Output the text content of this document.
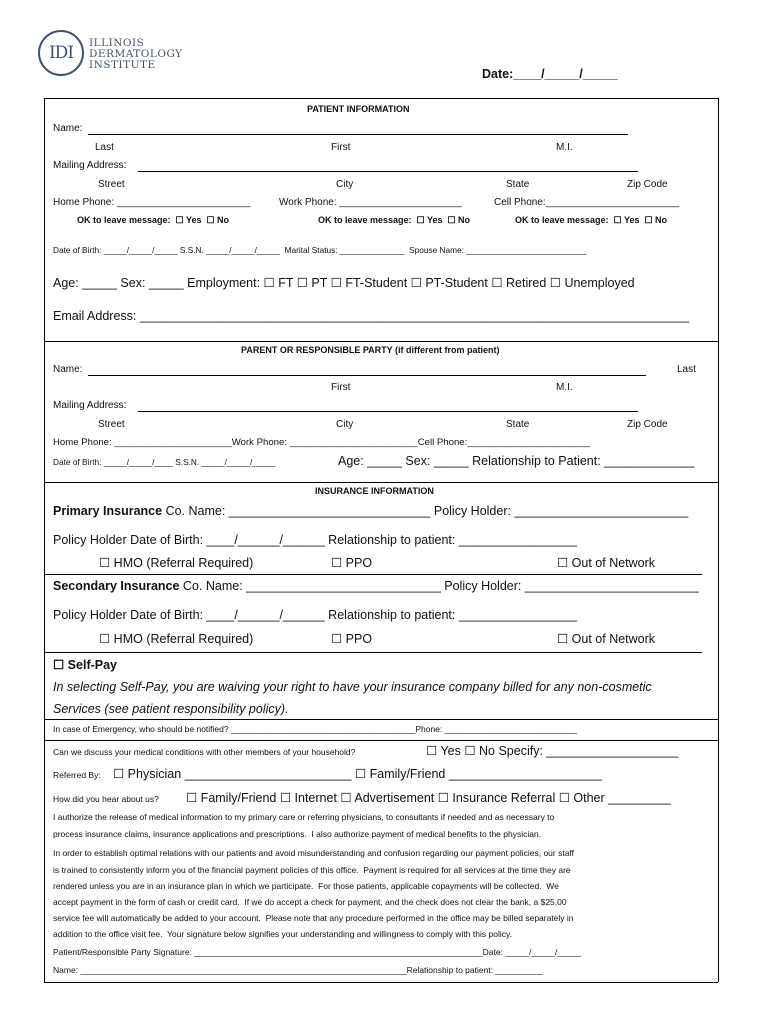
IDI	ILLINOIS
DERMATOLOGY
INSTITUTE
Date:____/_____/_____
PATIENT INFORMATION
Name:
Last	First	M.I.
Mailing Address:
Street	City	State	Zip Code
Home Phone: ________________________	Work Phone: ______________________	Cell Phone:________________________
OK to leave message:  ☐ Yes  ☐ No	OK to leave message:  ☐ Yes  ☐ No	OK to leave message:  ☐ Yes  ☐ No
Date of Birth: _____/_____/_____ S.S.N. _____/_____/_____  Marital Status: ______________  Spouse Name: __________________________
Age: _____ Sex: _____ Employment: ☐ FT ☐ PT ☐ FT-Student ☐ PT-Student ☐ Retired ☐ Unemployed
Email Address: _______________________________________________________________________________
PARENT OR RESPONSIBLE PARTY (if different from patient)
Name:	Last
First	M.I.
Mailing Address:
Street	City	State	Zip Code
Home Phone: ______________________Work Phone: ________________________Cell Phone:_______________________
Date of Birth: _____/_____/____ S.S.N. _____/_____/_____	Age: _____ Sex: _____ Relationship to Patient: _____________
INSURANCE INFORMATION
Primary Insurance Co. Name: _____________________________ Policy Holder: _________________________
Policy Holder Date of Birth: ____/______/______ Relationship to patient: _________________
☐ HMO (Referral Required)	☐ PPO	☐ Out of Network
Secondary Insurance Co. Name: ____________________________ Policy Holder: _________________________
Policy Holder Date of Birth: ____/______/______ Relationship to patient: _________________
☐ HMO (Referral Required)	☐ PPO	☐ Out of Network
☐ Self-Pay
In selecting Self-Pay, you are waiving your right to have your insurance company billed for any non-cosmetic
Services (see patient responsibility policy).
In case of Emergency, who should be notified? _______________________________________Phone: ____________________________
Can we discuss your medical conditions with other members of your household?	☐ Yes ☐ No Specify: ___________________
Referred By: ☐ Physician ________________________ ☐ Family/Friend ______________________
How did you hear about us? ☐ Family/Friend ☐ Internet ☐ Advertisement ☐ Insurance Referral ☐ Other _________
I authorize the release of medical information to my primary care or referring physicians, to consultants if needed and as necessary to
process insurance claims, insurance applications and prescriptions.  I also authorize payment of medical benefits to the physician.
In order to establish optimal relations with our patients and avoid misunderstanding and confusion regarding our payment policies, our staff
is trained to consistently inform you of the financial payment policies of this office.  Payment is required for all services at the time they are
rendered unless you are in an insurance plan in which we participate.  For those patients, applicable copayments will be collected.  We
accept payment in the form of cash or credit card.  If we do accept a check for payment, and the check does not clear the bank, a $25.00
service fee will automatically be added to your account.  Please note that any procedure performed in the office may be billed separately in
addition to the office visit fee.  Your signature below signifies your understanding and willingness to comply with this policy.
Patient/Responsible Party Signature: _____________________________________________________________Date: _____/_____/_____
Name: _____________________________________________________________________Relationship to patient: __________
